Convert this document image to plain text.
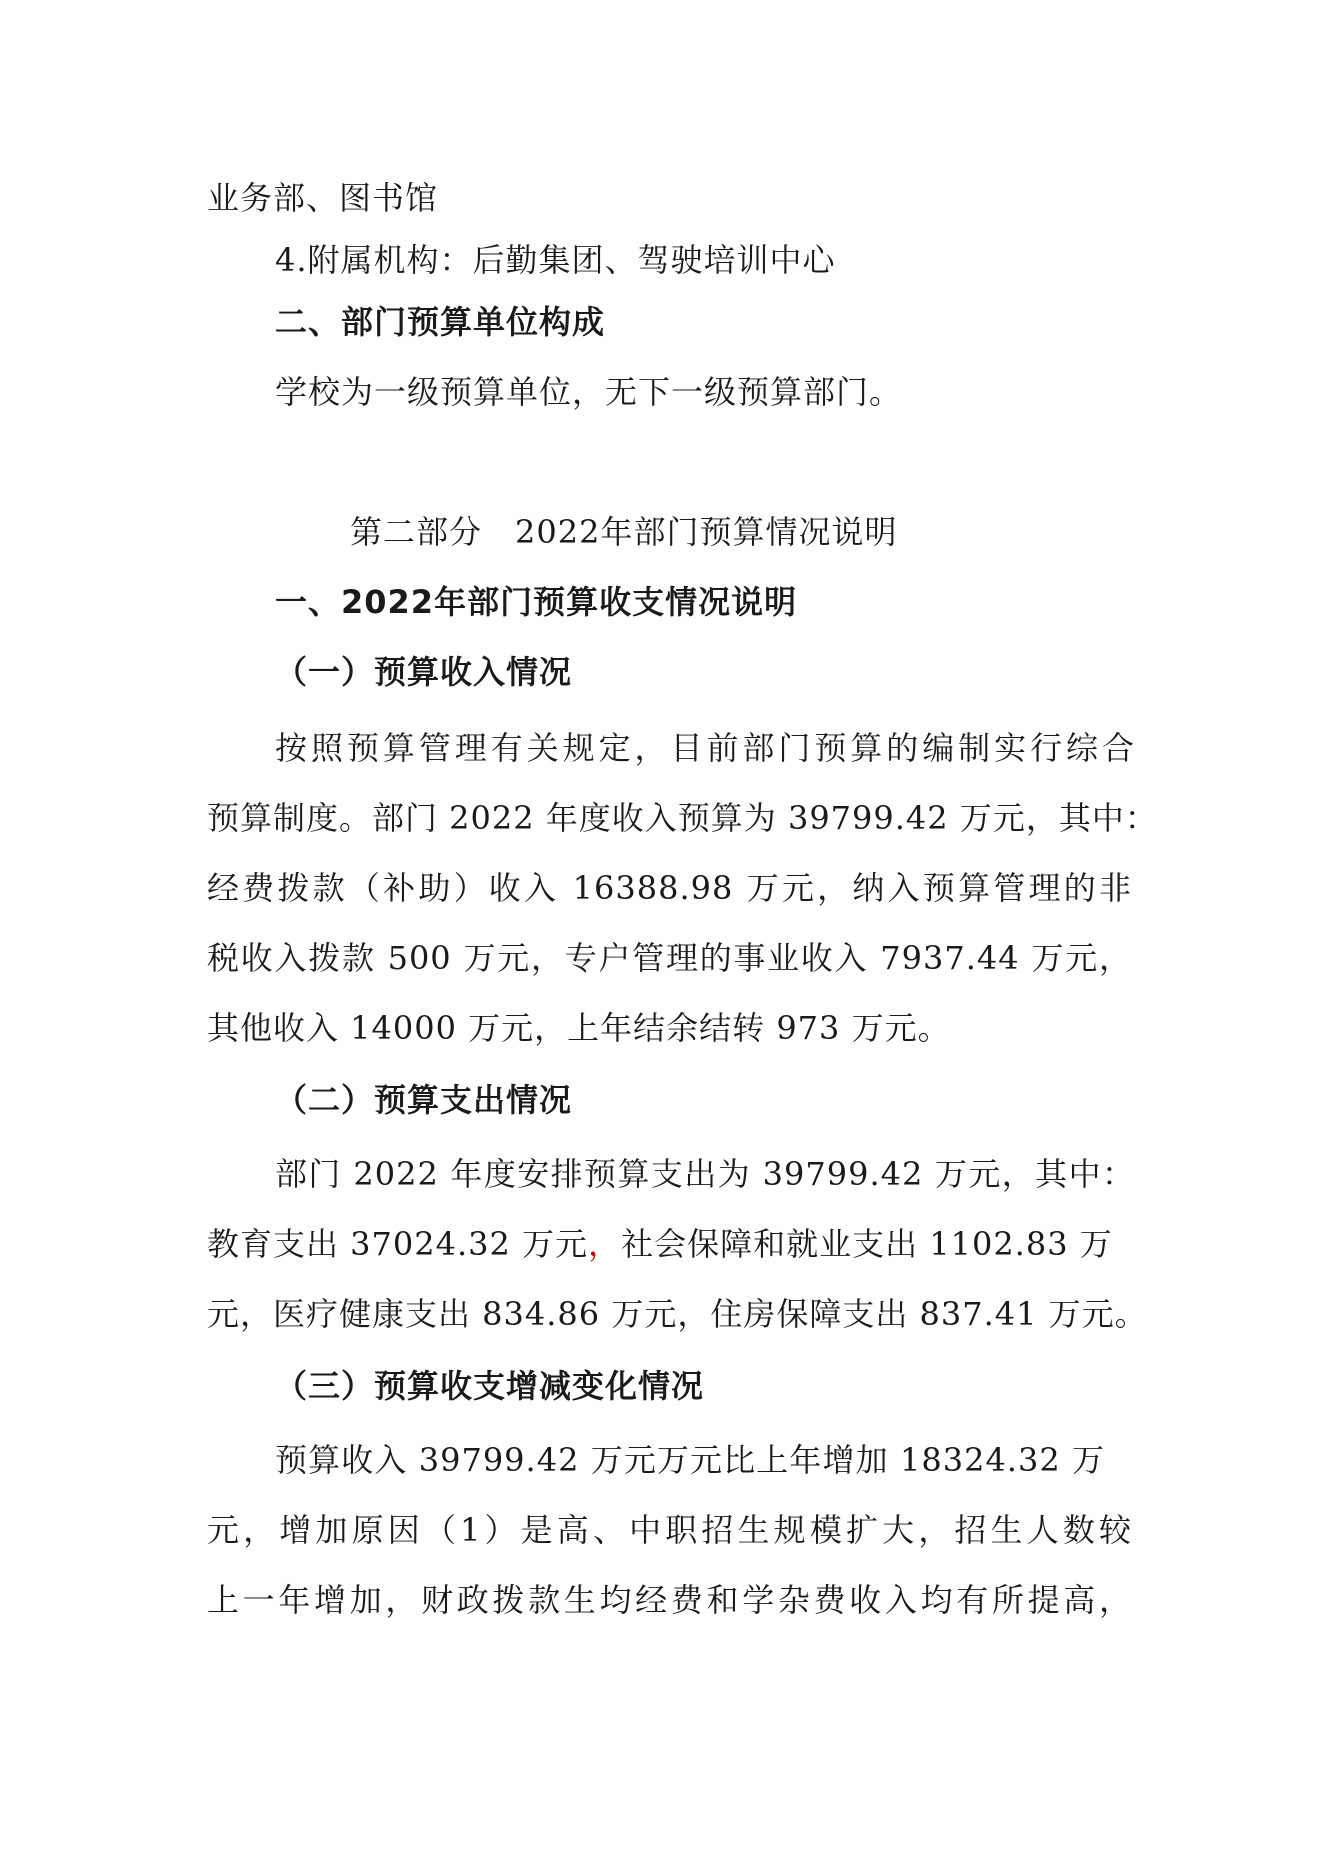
业务部、图书馆
4.附属机构：后勤集团、驾驶培训中心
二、部门预算单位构成
学校为一级预算单位，无下一级预算部门。
第二部分　2022年部门预算情况说明
一、2022年部门预算收支情况说明
（一）预算收入情况
按照预算管理有关规定，目前部门预算的编制实行综合
预算制度。部门 2022 年度收入预算为 39799.42 万元，其中：
经费拨款（补助）收入 16388.98 万元，纳入预算管理的非
税收入拨款 500 万元，专户管理的事业收入 7937.44 万元，
其他收入 14000 万元，上年结余结转 973 万元。
（二）预算支出情况
部门 2022 年度安排预算支出为 39799.42 万元，其中：
教育支出 37024.32 万元，社会保障和就业支出 1102.83 万
元，医疗健康支出 834.86 万元，住房保障支出 837.41 万元。
（三）预算收支增减变化情况
预算收入 39799.42 万元万元比上年增加 18324.32 万
元，增加原因（1）是高、中职招生规模扩大，招生人数较
上一年增加，财政拨款生均经费和学杂费收入均有所提高，
